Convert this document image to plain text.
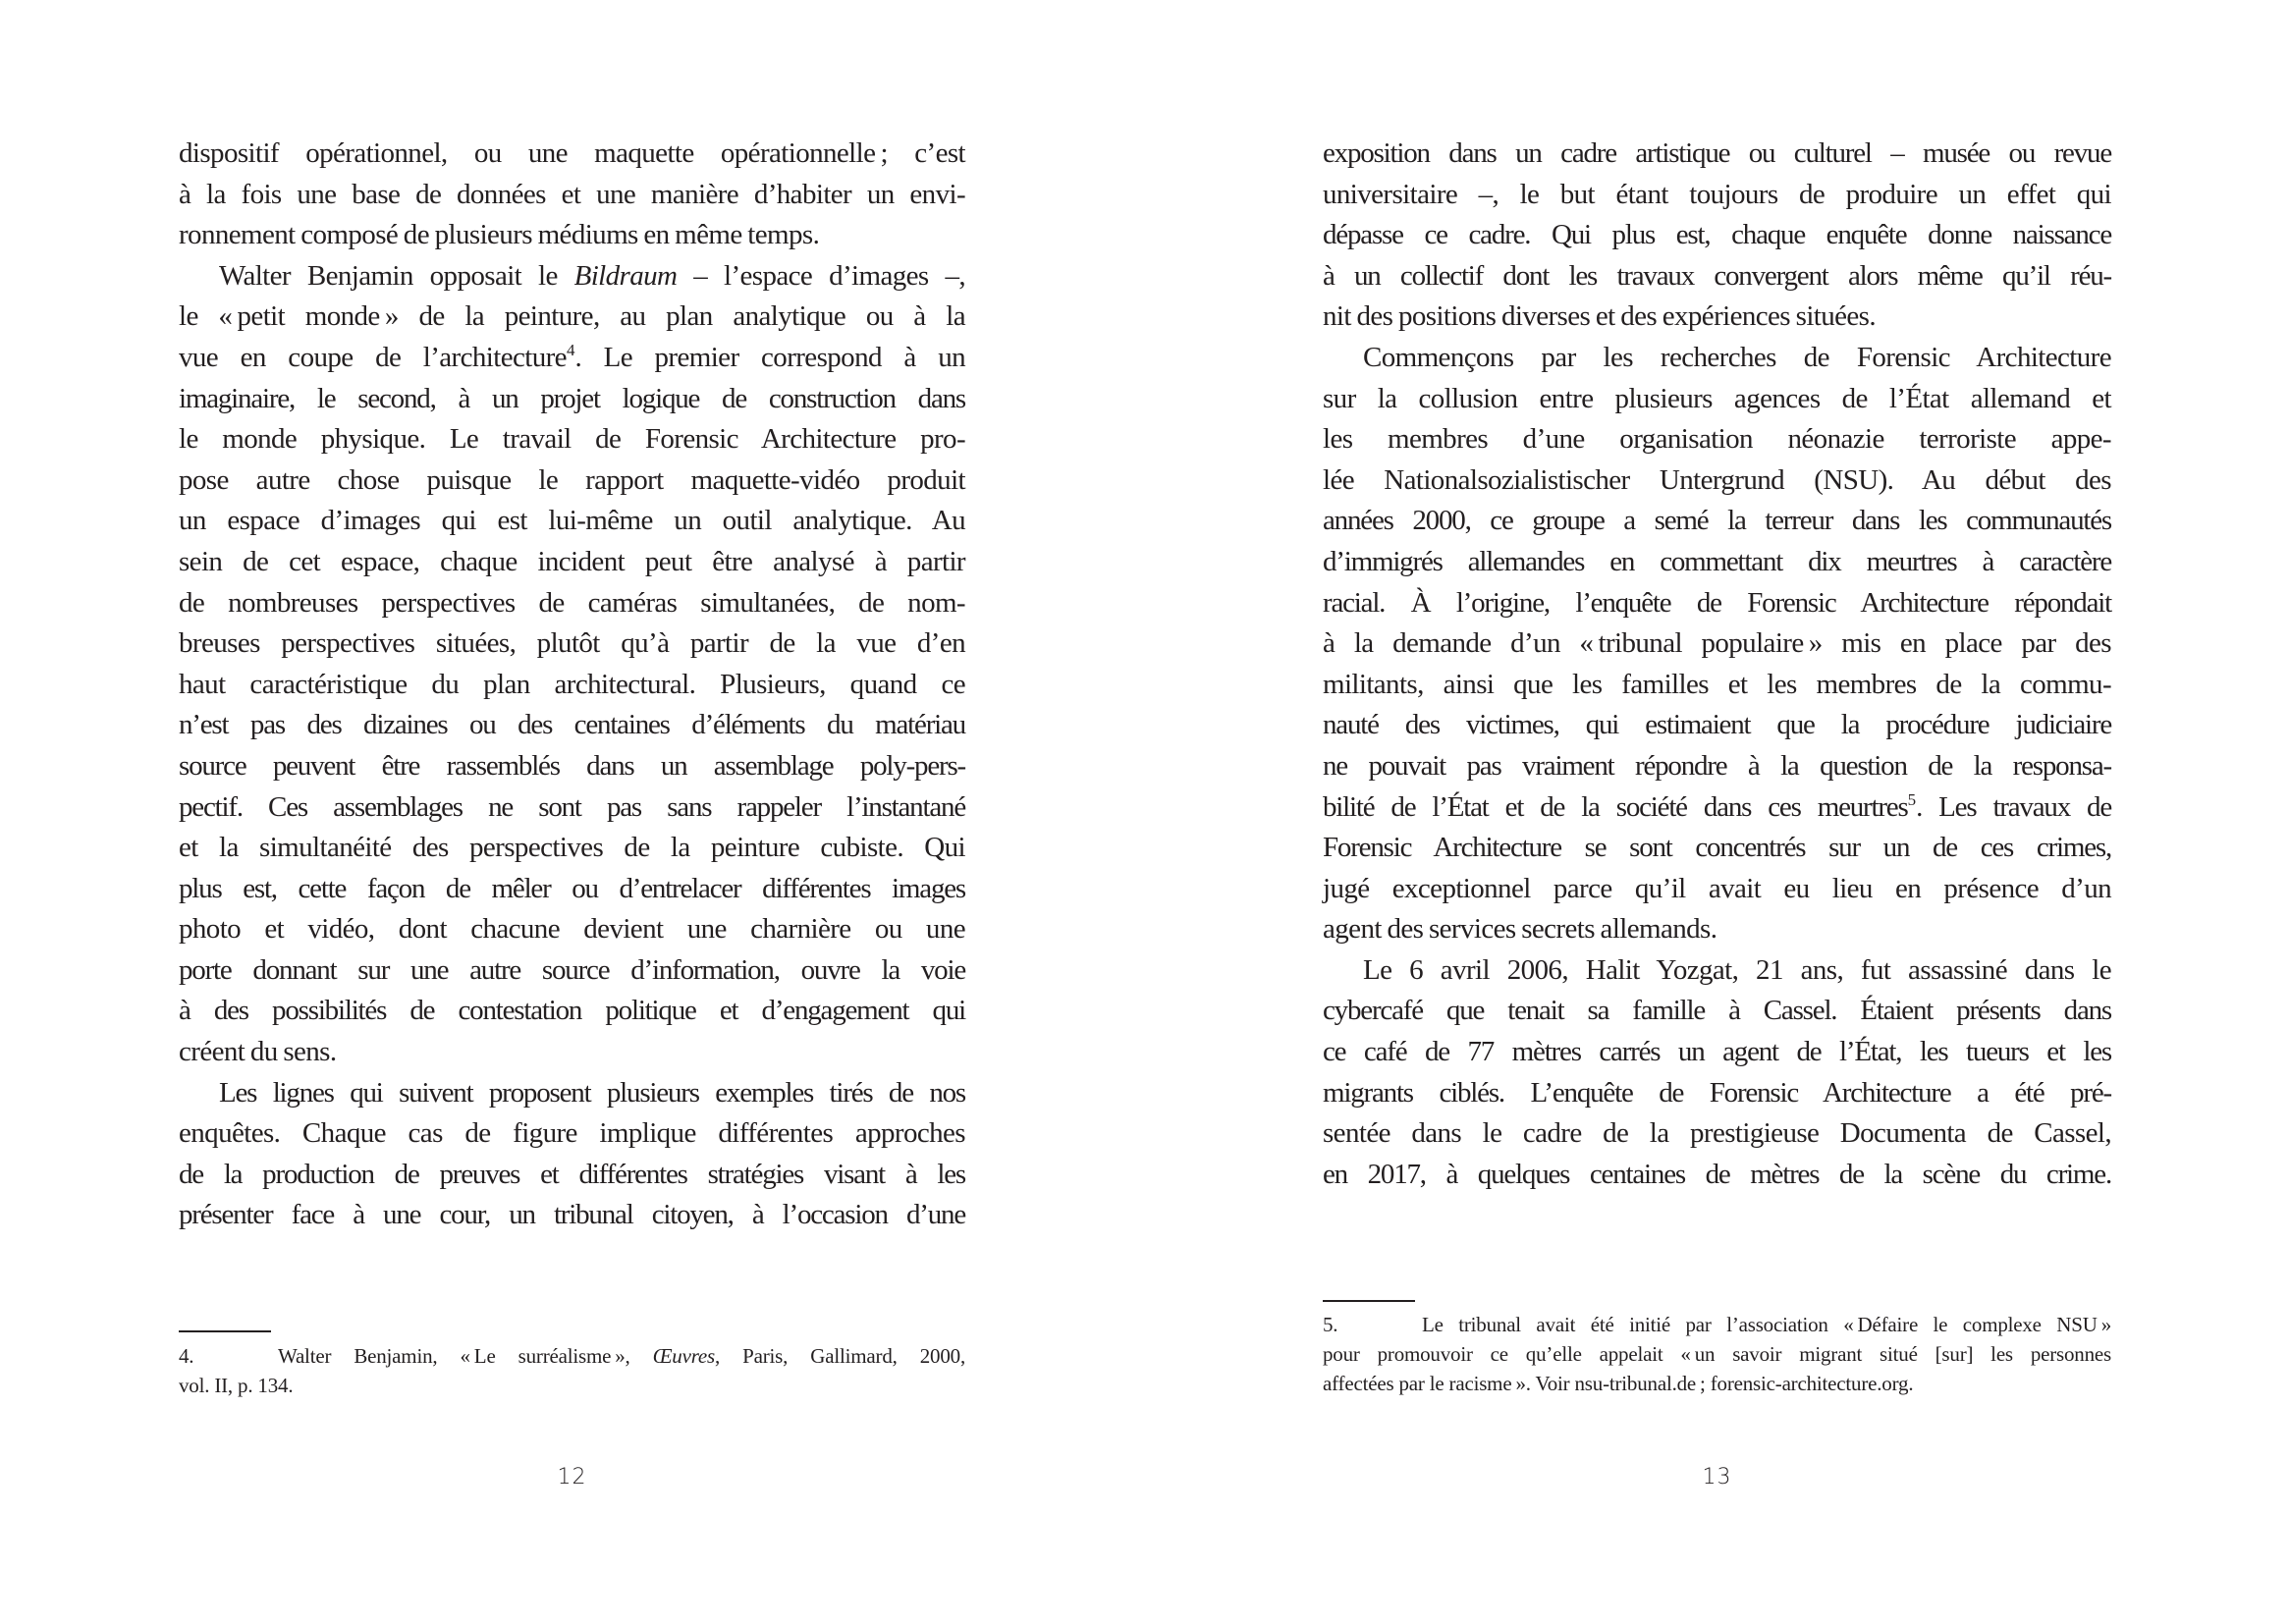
dispositif opérationnel, ou une maquette opérationnelle ; c’est
à la fois une base de données et une manière d’habiter un envi-
ronnement composé de plusieurs médiums en même temps.
Walter Benjamin opposait le Bildraum – l’espace d’images –,
le « petit monde » de la peinture, au plan analytique ou à la
vue en coupe de l’architecture$^4$. Le premier correspond à un
imaginaire, le second, à un projet logique de construction dans
le monde physique. Le travail de Forensic Architecture pro-
pose autre chose puisque le rapport maquette-vidéo produit
un espace d’images qui est lui-même un outil analytique. Au
sein de cet espace, chaque incident peut être analysé à partir
de nombreuses perspectives de caméras simultanées, de nom-
breuses perspectives situées, plutôt qu’à partir de la vue d’en
haut caractéristique du plan architectural. Plusieurs, quand ce
n’est pas des dizaines ou des centaines d’éléments du matériau
source peuvent être rassemblés dans un assemblage poly-pers-
pectif. Ces assemblages ne sont pas sans rappeler l’instantané
et la simultanéité des perspectives de la peinture cubiste. Qui
plus est, cette façon de mêler ou d’entrelacer différentes images
photo et vidéo, dont chacune devient une charnière ou une
porte donnant sur une autre source d’information, ouvre la voie
à des possibilités de contestation politique et d’engagement qui
créent du sens.
Les lignes qui suivent proposent plusieurs exemples tirés de nos
enquêtes. Chaque cas de figure implique différentes approches
de la production de preuves et différentes stratégies visant à les
présenter face à une cour, un tribunal citoyen, à l’occasion d’une
4.	Walter Benjamin, « Le surréalisme », Œuvres, Paris, Gallimard, 2000,
vol. II, p. 134.
12
exposition dans un cadre artistique ou culturel – musée ou revue
universitaire –, le but étant toujours de produire un effet qui
dépasse ce cadre. Qui plus est, chaque enquête donne naissance
à un collectif dont les travaux convergent alors même qu’il réu-
nit des positions diverses et des expériences situées.
Commençons par les recherches de Forensic Architecture
sur la collusion entre plusieurs agences de l’État allemand et
les membres d’une organisation néonazie terroriste appe-
lée Nationalsozialistischer Untergrund (NSU). Au début des
années 2000, ce groupe a semé la terreur dans les communautés
d’immigrés allemandes en commettant dix meurtres à caractère
racial. À l’origine, l’enquête de Forensic Architecture répondait
à la demande d’un « tribunal populaire » mis en place par des
militants, ainsi que les familles et les membres de la commu-
nauté des victimes, qui estimaient que la procédure judiciaire
ne pouvait pas vraiment répondre à la question de la responsa-
bilité de l’État et de la société dans ces meurtres$^5$. Les travaux de
Forensic Architecture se sont concentrés sur un de ces crimes,
jugé exceptionnel parce qu’il avait eu lieu en présence d’un
agent des services secrets allemands.
Le 6 avril 2006, Halit Yozgat, 21 ans, fut assassiné dans le
cybercafé que tenait sa famille à Cassel. Étaient présents dans
ce café de 77 mètres carrés un agent de l’État, les tueurs et les
migrants ciblés. L’enquête de Forensic Architecture a été pré-
sentée dans le cadre de la prestigieuse Documenta de Cassel,
en 2017, à quelques centaines de mètres de la scène du crime.
5.	Le tribunal avait été initié par l’association « Défaire le complexe NSU »
pour promouvoir ce qu’elle appelait « un savoir migrant situé [sur] les personnes
affectées par le racisme ». Voir nsu-tribunal.de ; forensic-architecture.org.
13
